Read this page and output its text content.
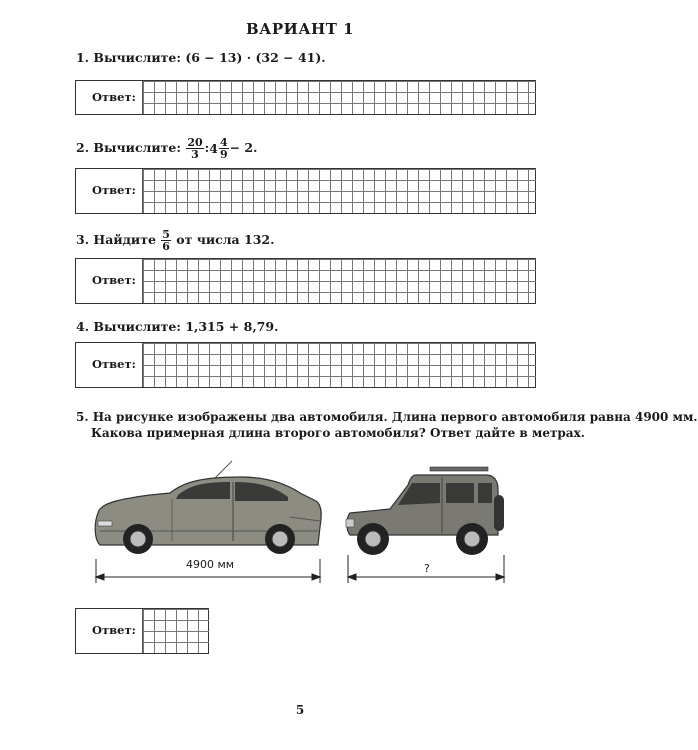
ВАРИАНТ 1
1. Вычислите: (6 − 13) · (32 − 41).
Ответ:
2. Вычислите: $\frac{20}{3}$ :4 $\frac{4}{9} - 2$.
Ответ:
3. Найдите $\frac{5}{6}$ от числа 132.
Ответ:
4. Вычислите: 1,315 + 8,79.
Ответ:
5. На рисунке изображены два автомобиля. Длина первого автомобиля равна 4900 мм.
Какова примерная длина второго автомобиля? Ответ дайте в метрах.
4900 мм	?
Ответ:
5
